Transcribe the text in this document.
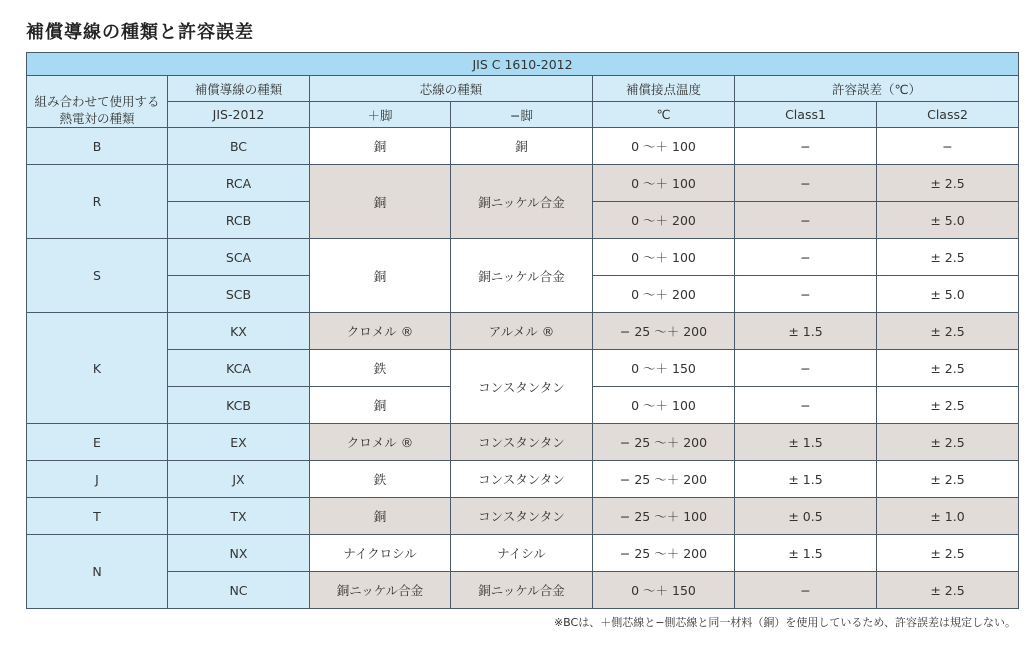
補償導線の種類と許容誤差
JIS C 1610-2012						

組み合わせて使用する
熱電対の種類	補償導線の種類	芯線の種類		補償接点温度	許容誤差（℃）	
	JIS-2012	＋脚	−脚	℃	Class1	Class2
B	BC	銅	銅	0 〜＋ 100	−	−
R	RCA	銅	銅ニッケル合金	0 〜＋ 100	−	± 2.5
	RCB			0 〜＋ 200	−	± 5.0
S	SCA	銅	銅ニッケル合金	0 〜＋ 100	−	± 2.5
	SCB			0 〜＋ 200	−	± 5.0
K	KX	クロメル ®	アルメル ®	− 25 〜＋ 200	± 1.5	± 2.5
	KCA	鉄	コンスタンタン	0 〜＋ 150	−	± 2.5
	KCB	銅		0 〜＋ 100	−	± 2.5
E	EX	クロメル ®	コンスタンタン	− 25 〜＋ 200	± 1.5	± 2.5
J	JX	鉄	コンスタンタン	− 25 〜＋ 200	± 1.5	± 2.5
T	TX	銅	コンスタンタン	− 25 〜＋ 100	± 0.5	± 1.0
N	NX	ナイクロシル	ナイシル	− 25 〜＋ 200	± 1.5	± 2.5
	NC	銅ニッケル合金	銅ニッケル合金	0 〜＋ 150	−	± 2.5
※BCは、＋側芯線と−側芯線と同一材料（銅）を使用しているため、許容誤差は規定しない。
